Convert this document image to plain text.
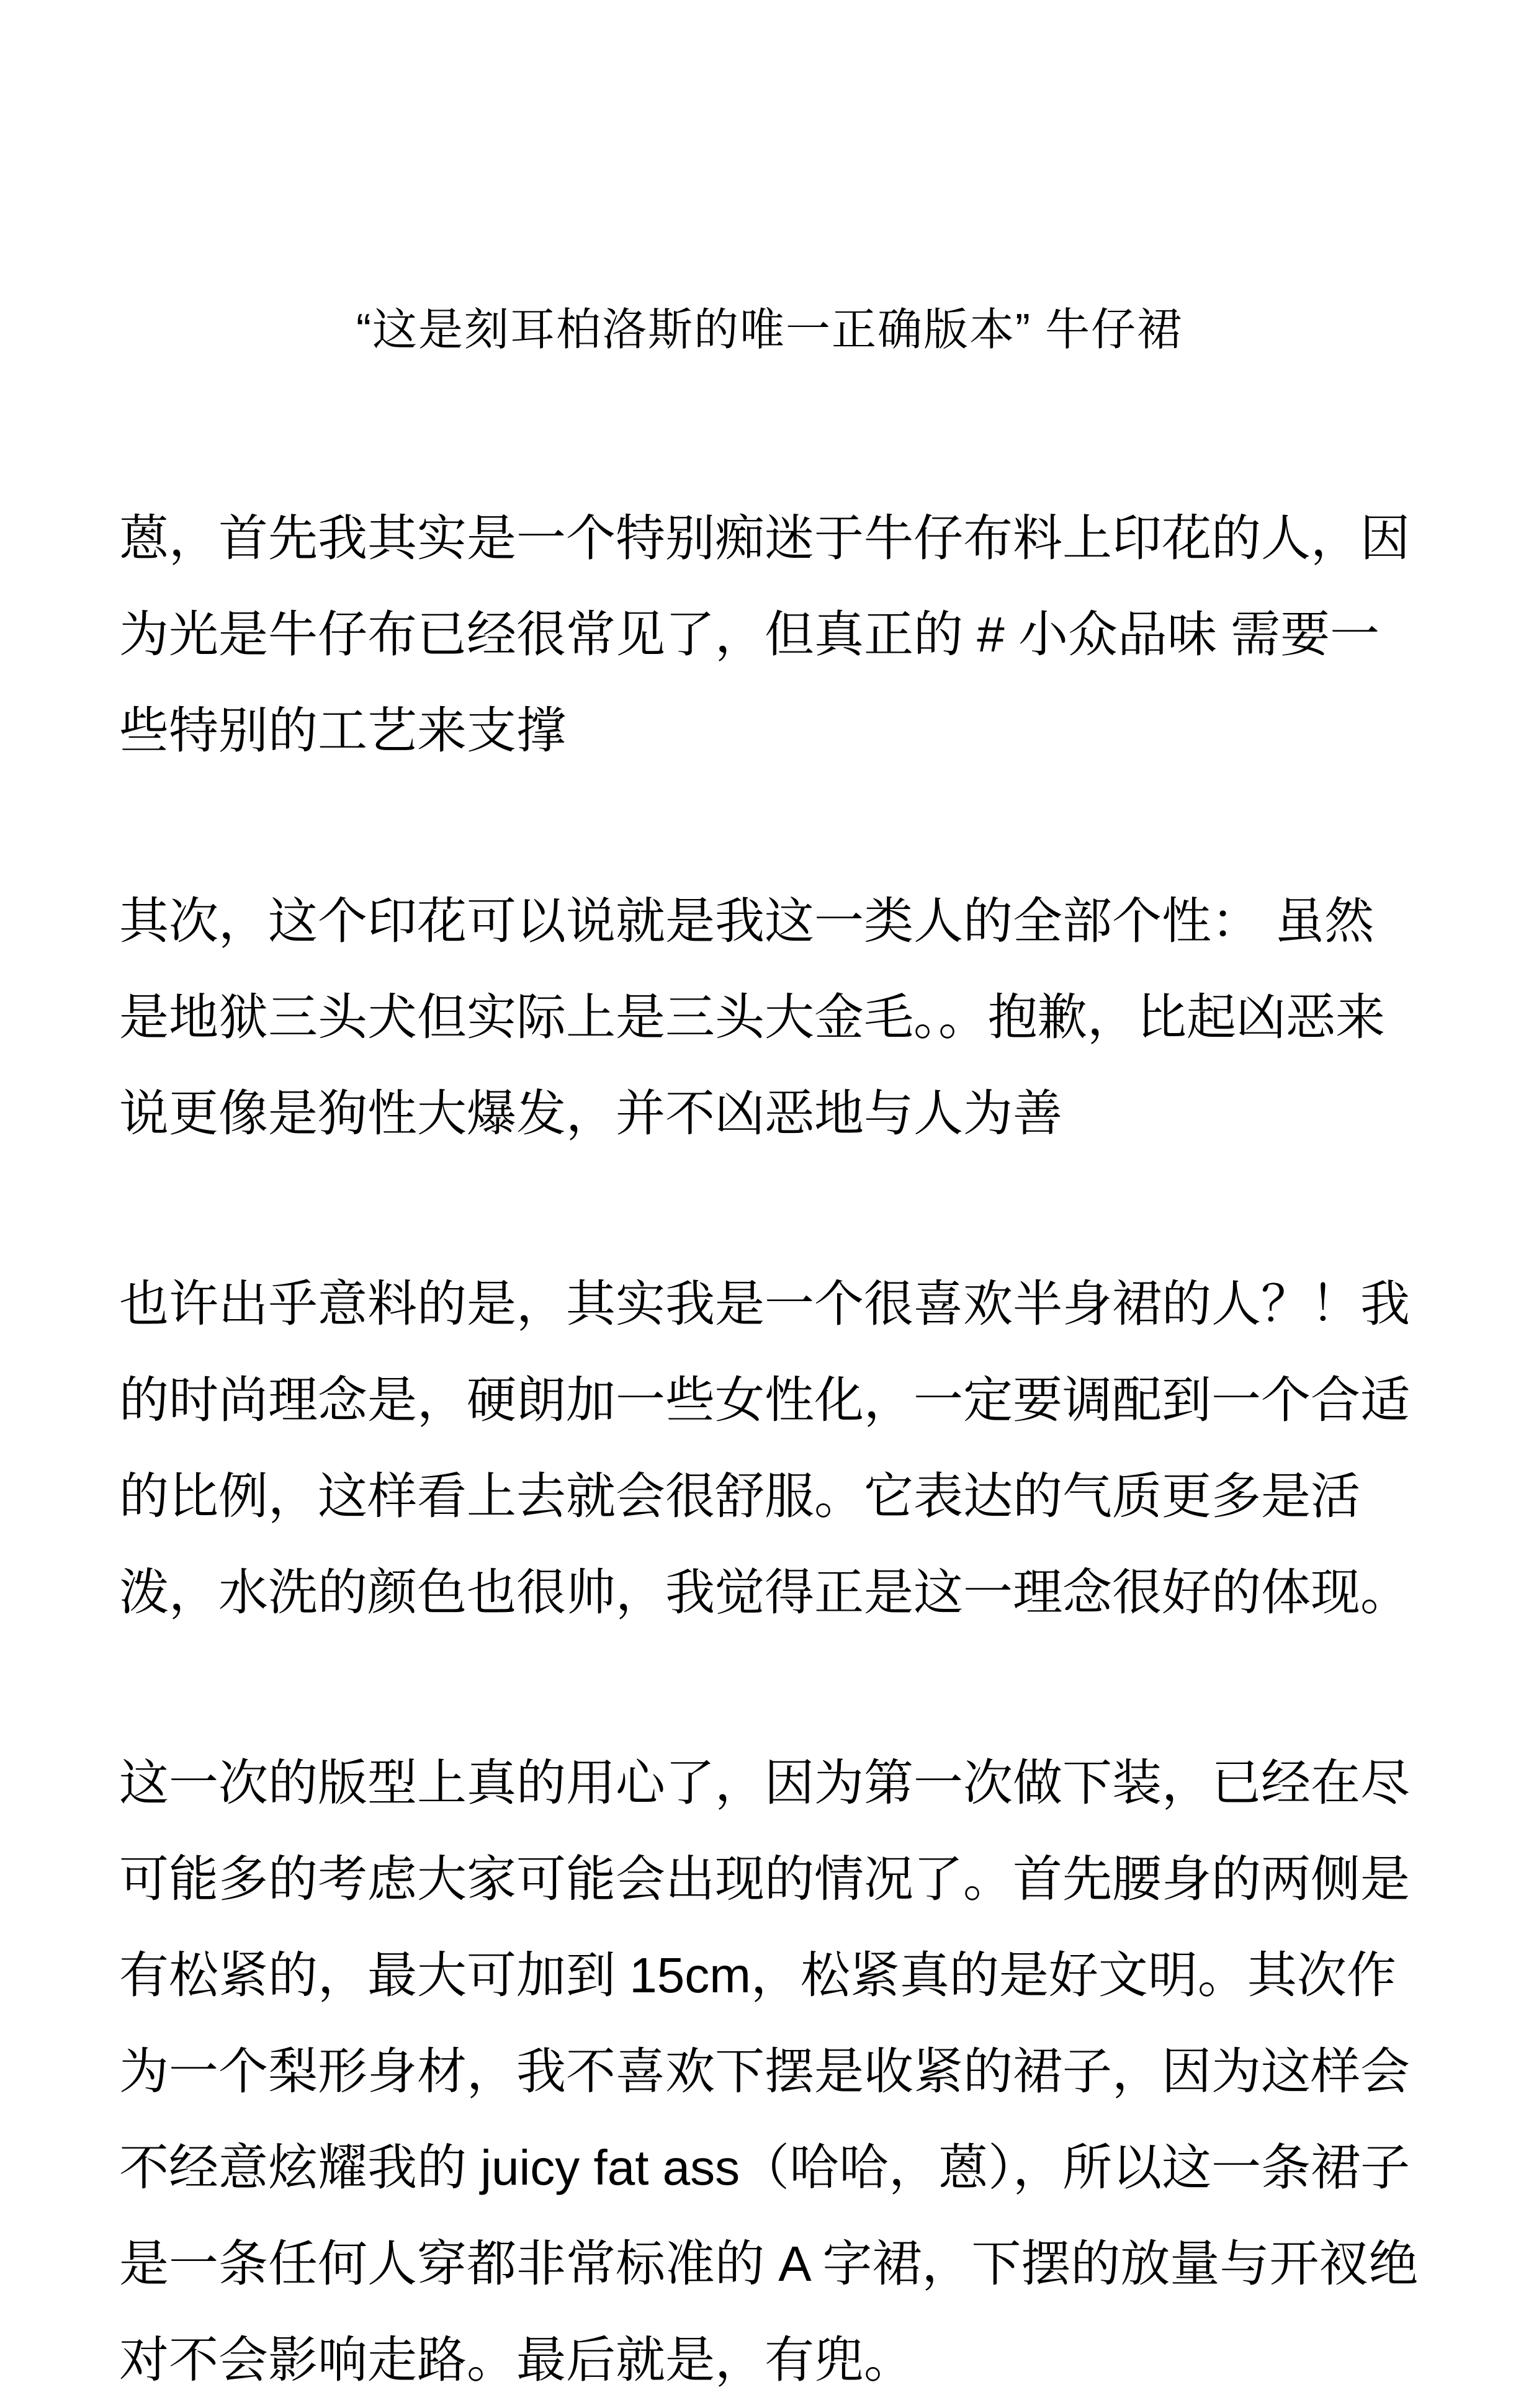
“这是刻耳柏洛斯的唯一正确版本” 牛仔裙

蒽，首先我其实是一个特别痴迷于牛仔布料上印花的人，因为光是牛仔布已经很常见了，但真正的 # 小众品味 需要一些特别的工艺来支撑

其次，这个印花可以说就是我这一类人的全部个性： 虽然是地狱三头犬但实际上是三头大金毛。。抱歉，比起凶恶来说更像是狗性大爆发，并不凶恶地与人为善

也许出乎意料的是，其实我是一个很喜欢半身裙的人？！我的时尚理念是，硬朗加一些女性化，一定要调配到一个合适的比例，这样看上去就会很舒服。它表达的气质更多是活泼，水洗的颜色也很帅，我觉得正是这一理念很好的体现。

这一次的版型上真的用心了，因为第一次做下装，已经在尽可能多的考虑大家可能会出现的情况了。首先腰身的两侧是有松紧的，最大可加到 15cm，松紧真的是好文明。其次作为一个梨形身材，我不喜欢下摆是收紧的裙子，因为这样会不经意炫耀我的 juicy fat ass（哈哈，蒽），所以这一条裙子是一条任何人穿都非常标准的 A 字裙，下摆的放量与开衩绝对不会影响走路。最后就是，有兜。
